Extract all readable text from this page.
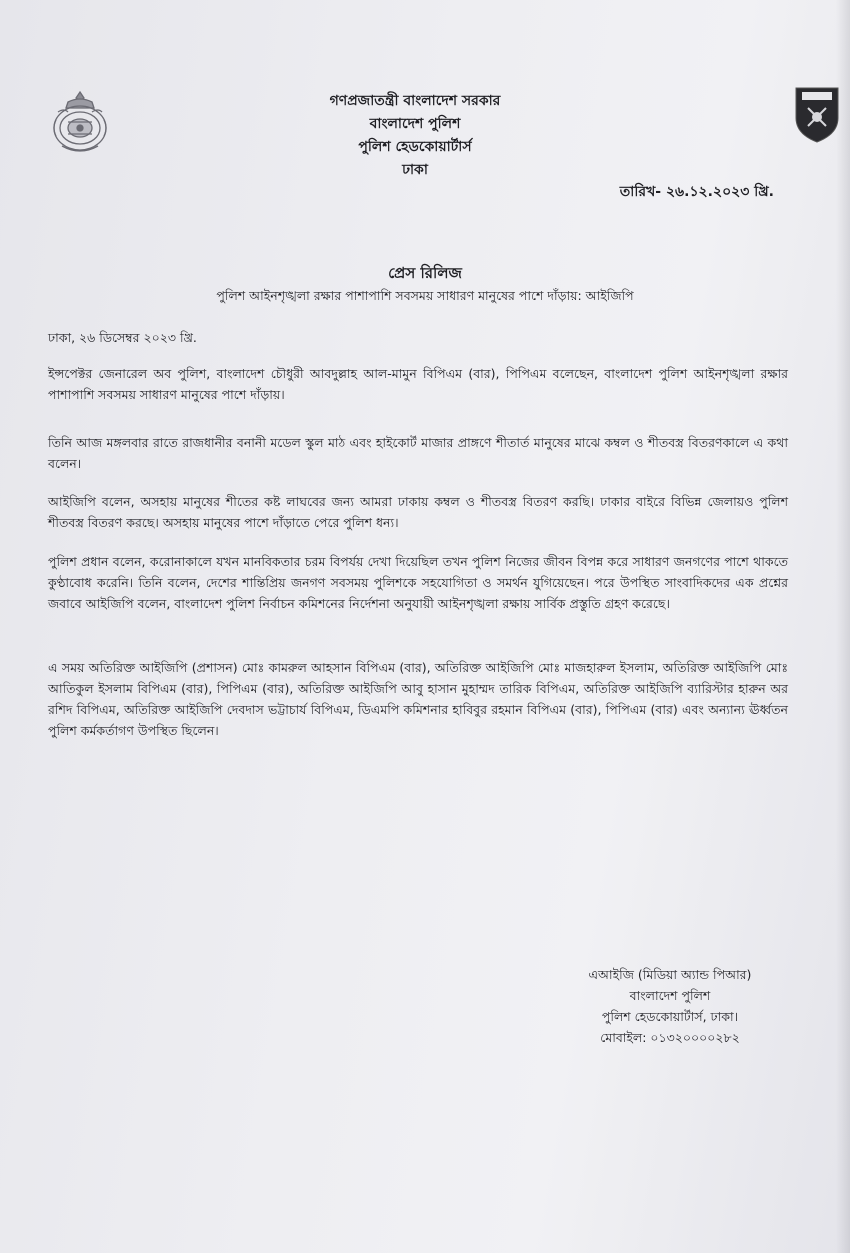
গণপ্রজাতন্ত্রী বাংলাদেশ সরকার
বাংলাদেশ পুলিশ
পুলিশ হেডকোয়ার্টার্স
ঢাকা
তারিখ- ২৬.১২.২০২৩ খ্রি.
প্রেস রিলিজ
পুলিশ আইনশৃঙ্খলা রক্ষার পাশাপাশি সবসময় সাধারণ মানুষের পাশে দাঁড়ায়: আইজিপি
ঢাকা, ২৬ ডিসেম্বর ২০২৩ খ্রি.
ইন্সপেক্টর জেনারেল অব পুলিশ, বাংলাদেশ চৌধুরী আবদুল্লাহ আল-মামুন বিপিএম (বার), পিপিএম বলেছেন, বাংলাদেশ পুলিশ আইনশৃঙ্খলা রক্ষার পাশাপাশি সবসময় সাধারণ মানুষের পাশে দাঁড়ায়।
তিনি আজ মঙ্গলবার রাতে রাজধানীর বনানী মডেল স্কুল মাঠ এবং হাইকোর্ট মাজার প্রাঙ্গণে শীতার্ত মানুষের মাঝে কম্বল ও শীতবস্ত্র বিতরণকালে এ কথা বলেন।
আইজিপি বলেন, অসহায় মানুষের শীতের কষ্ট লাঘবের জন্য আমরা ঢাকায় কম্বল ও শীতবস্ত্র বিতরণ করছি। ঢাকার বাইরে বিভিন্ন জেলায়ও পুলিশ শীতবস্ত্র বিতরণ করছে। অসহায় মানুষের পাশে দাঁড়াতে পেরে পুলিশ ধন্য।
পুলিশ প্রধান বলেন, করোনাকালে যখন মানবিকতার চরম বিপর্যয় দেখা দিয়েছিল তখন পুলিশ নিজের জীবন বিপন্ন করে সাধারণ জনগণের পাশে থাকতে কুণ্ঠাবোধ করেনি। তিনি বলেন, দেশের শান্তিপ্রিয় জনগণ সবসময় পুলিশকে সহযোগিতা ও সমর্থন যুগিয়েছেন। পরে উপস্থিত সাংবাদিকদের এক প্রশ্নের জবাবে আইজিপি বলেন, বাংলাদেশ পুলিশ নির্বাচন কমিশনের নির্দেশনা অনুযায়ী আইনশৃঙ্খলা রক্ষায় সার্বিক প্রস্তুতি গ্রহণ করেছে।
এ সময় অতিরিক্ত আইজিপি (প্রশাসন) মোঃ কামরুল আহসান বিপিএম (বার), অতিরিক্ত আইজিপি মোঃ মাজহারুল ইসলাম, অতিরিক্ত আইজিপি মোঃ আতিকুল ইসলাম বিপিএম (বার), পিপিএম (বার), অতিরিক্ত আইজিপি আবু হাসান মুহাম্মদ তারিক বিপিএম, অতিরিক্ত আইজিপি ব্যারিস্টার হারুন অর রশিদ বিপিএম, অতিরিক্ত আইজিপি দেবদাস ভট্টাচার্য বিপিএম, ডিএমপি কমিশনার হাবিবুর রহমান বিপিএম (বার), পিপিএম (বার) এবং অন্যান্য ঊর্ধ্বতন পুলিশ কর্মকর্তাগণ উপস্থিত ছিলেন।
এআইজি (মিডিয়া অ্যান্ড পিআর)
বাংলাদেশ পুলিশ
পুলিশ হেডকোয়ার্টার্স, ঢাকা।
মোবাইল: ০১৩২০০০০২৮২
